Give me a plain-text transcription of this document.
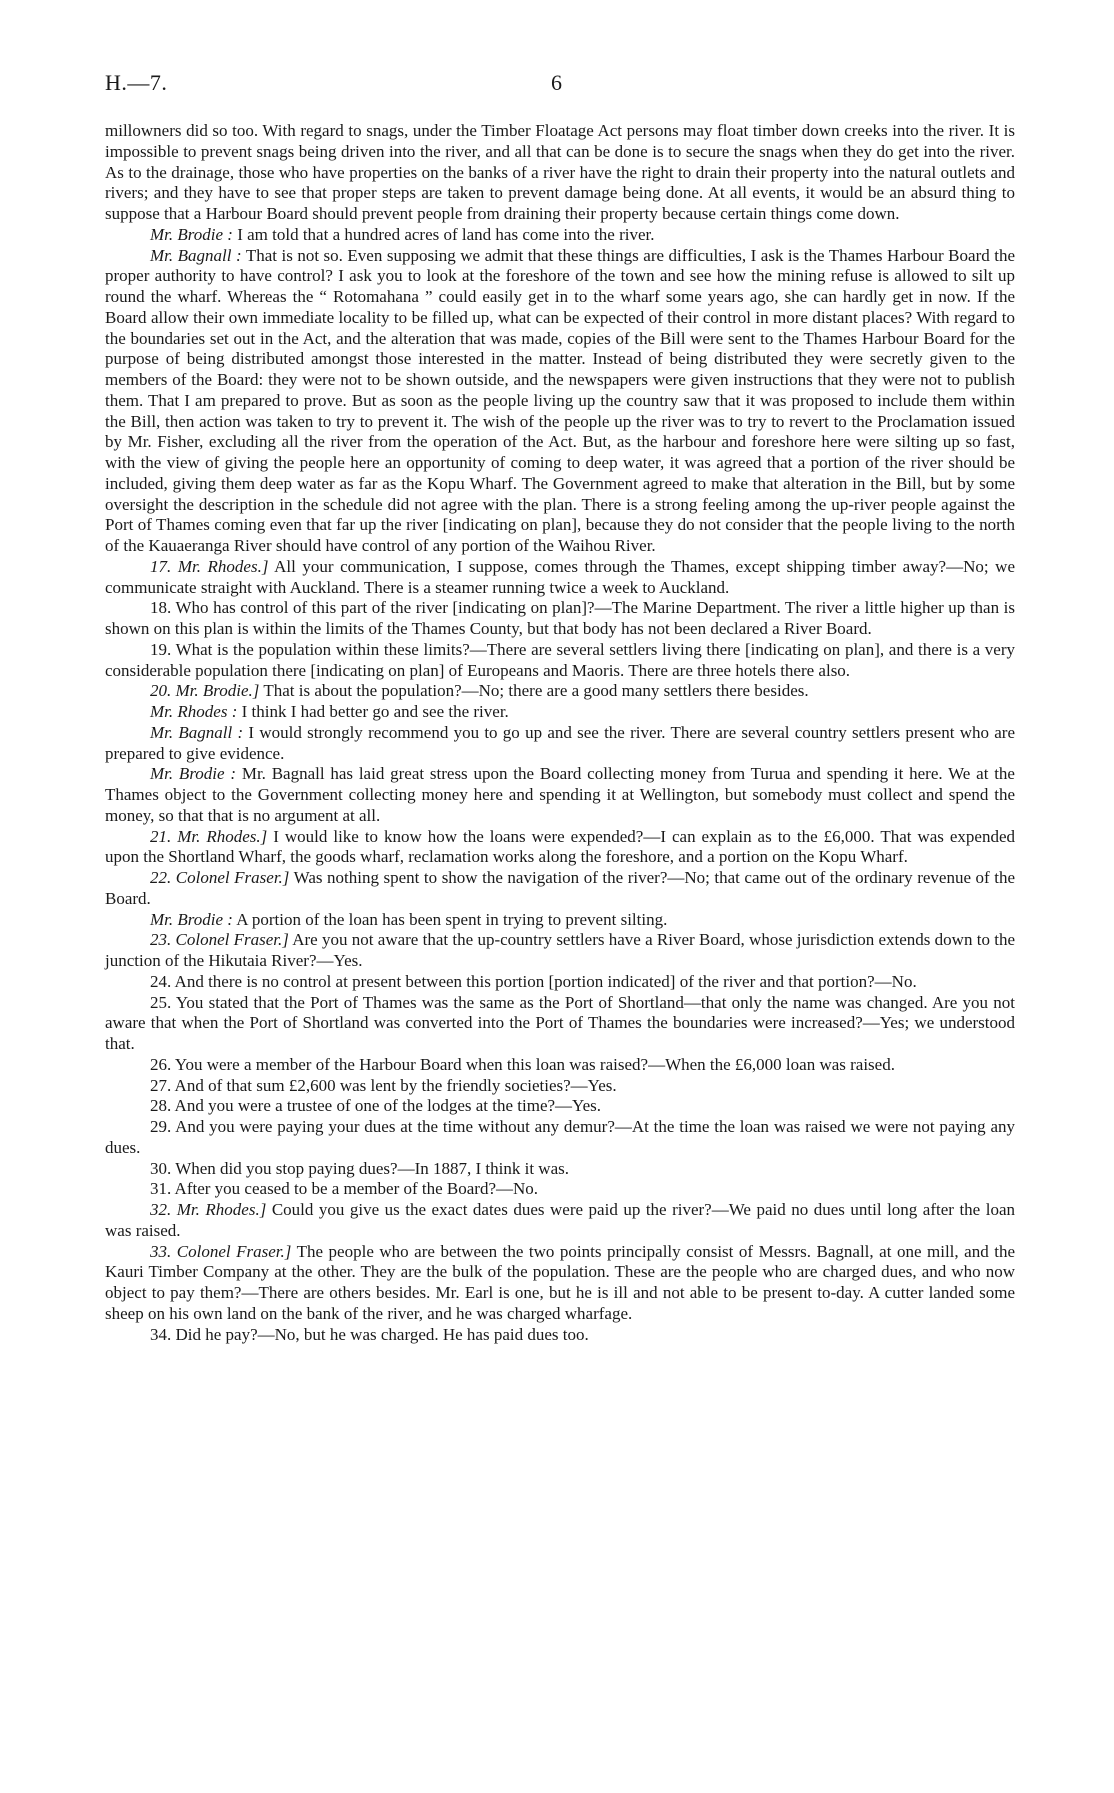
H.—7.	6

millowners did so too. With regard to snags, under the Timber Floatage Act persons may float timber down creeks into the river. It is impossible to prevent snags being driven into the river, and all that can be done is to secure the snags when they do get into the river. As to the drainage, those who have properties on the banks of a river have the right to drain their property into the natural outlets and rivers; and they have to see that proper steps are taken to prevent damage being done. At all events, it would be an absurd thing to suppose that a Harbour Board should prevent people from draining their property because certain things come down.

Mr. Brodie : I am told that a hundred acres of land has come into the river.

Mr. Bagnall : That is not so. Even supposing we admit that these things are difficulties, I ask is the Thames Harbour Board the proper authority to have control? I ask you to look at the foreshore of the town and see how the mining refuse is allowed to silt up round the wharf. Whereas the “ Rotomahana ” could easily get in to the wharf some years ago, she can hardly get in now. If the Board allow their own immediate locality to be filled up, what can be expected of their control in more distant places? With regard to the boundaries set out in the Act, and the alteration that was made, copies of the Bill were sent to the Thames Harbour Board for the purpose of being distributed amongst those interested in the matter. Instead of being distributed they were secretly given to the members of the Board: they were not to be shown outside, and the newspapers were given instructions that they were not to publish them. That I am prepared to prove. But as soon as the people living up the country saw that it was proposed to include them within the Bill, then action was taken to try to prevent it. The wish of the people up the river was to try to revert to the Proclamation issued by Mr. Fisher, excluding all the river from the operation of the Act. But, as the harbour and foreshore here were silting up so fast, with the view of giving the people here an opportunity of coming to deep water, it was agreed that a portion of the river should be included, giving them deep water as far as the Kopu Wharf. The Government agreed to make that alteration in the Bill, but by some oversight the description in the schedule did not agree with the plan. There is a strong feeling among the up-river people against the Port of Thames coming even that far up the river [indicating on plan], because they do not consider that the people living to the north of the Kauaeranga River should have control of any portion of the Waihou River.

17. Mr. Rhodes.] All your communication, I suppose, comes through the Thames, except shipping timber away?—No; we communicate straight with Auckland. There is a steamer running twice a week to Auckland.

18. Who has control of this part of the river [indicating on plan]?—The Marine Department. The river a little higher up than is shown on this plan is within the limits of the Thames County, but that body has not been declared a River Board.

19. What is the population within these limits?—There are several settlers living there [indicating on plan], and there is a very considerable population there [indicating on plan] of Europeans and Maoris. There are three hotels there also.

20. Mr. Brodie.] That is about the population?—No; there are a good many settlers there besides.

Mr. Rhodes : I think I had better go and see the river.

Mr. Bagnall : I would strongly recommend you to go up and see the river. There are several country settlers present who are prepared to give evidence.

Mr. Brodie : Mr. Bagnall has laid great stress upon the Board collecting money from Turua and spending it here. We at the Thames object to the Government collecting money here and spending it at Wellington, but somebody must collect and spend the money, so that that is no argument at all.

21. Mr. Rhodes.] I would like to know how the loans were expended?—I can explain as to the £6,000. That was expended upon the Shortland Wharf, the goods wharf, reclamation works along the foreshore, and a portion on the Kopu Wharf.

22. Colonel Fraser.] Was nothing spent to show the navigation of the river?—No; that came out of the ordinary revenue of the Board.

Mr. Brodie : A portion of the loan has been spent in trying to prevent silting.

23. Colonel Fraser.] Are you not aware that the up-country settlers have a River Board, whose jurisdiction extends down to the junction of the Hikutaia River?—Yes.

24. And there is no control at present between this portion [portion indicated] of the river and that portion?—No.

25. You stated that the Port of Thames was the same as the Port of Shortland—that only the name was changed. Are you not aware that when the Port of Shortland was converted into the Port of Thames the boundaries were increased?—Yes; we understood that.

26. You were a member of the Harbour Board when this loan was raised?—When the £6,000 loan was raised.

27. And of that sum £2,600 was lent by the friendly societies?—Yes.

28. And you were a trustee of one of the lodges at the time?—Yes.

29. And you were paying your dues at the time without any demur?—At the time the loan was raised we were not paying any dues.

30. When did you stop paying dues?—In 1887, I think it was.

31. After you ceased to be a member of the Board?—No.

32. Mr. Rhodes.] Could you give us the exact dates dues were paid up the river?—We paid no dues until long after the loan was raised.

33. Colonel Fraser.] The people who are between the two points principally consist of Messrs. Bagnall, at one mill, and the Kauri Timber Company at the other. They are the bulk of the population. These are the people who are charged dues, and who now object to pay them?—There are others besides. Mr. Earl is one, but he is ill and not able to be present to-day. A cutter landed some sheep on his own land on the bank of the river, and he was charged wharfage.

34. Did he pay?—No, but he was charged. He has paid dues too.
